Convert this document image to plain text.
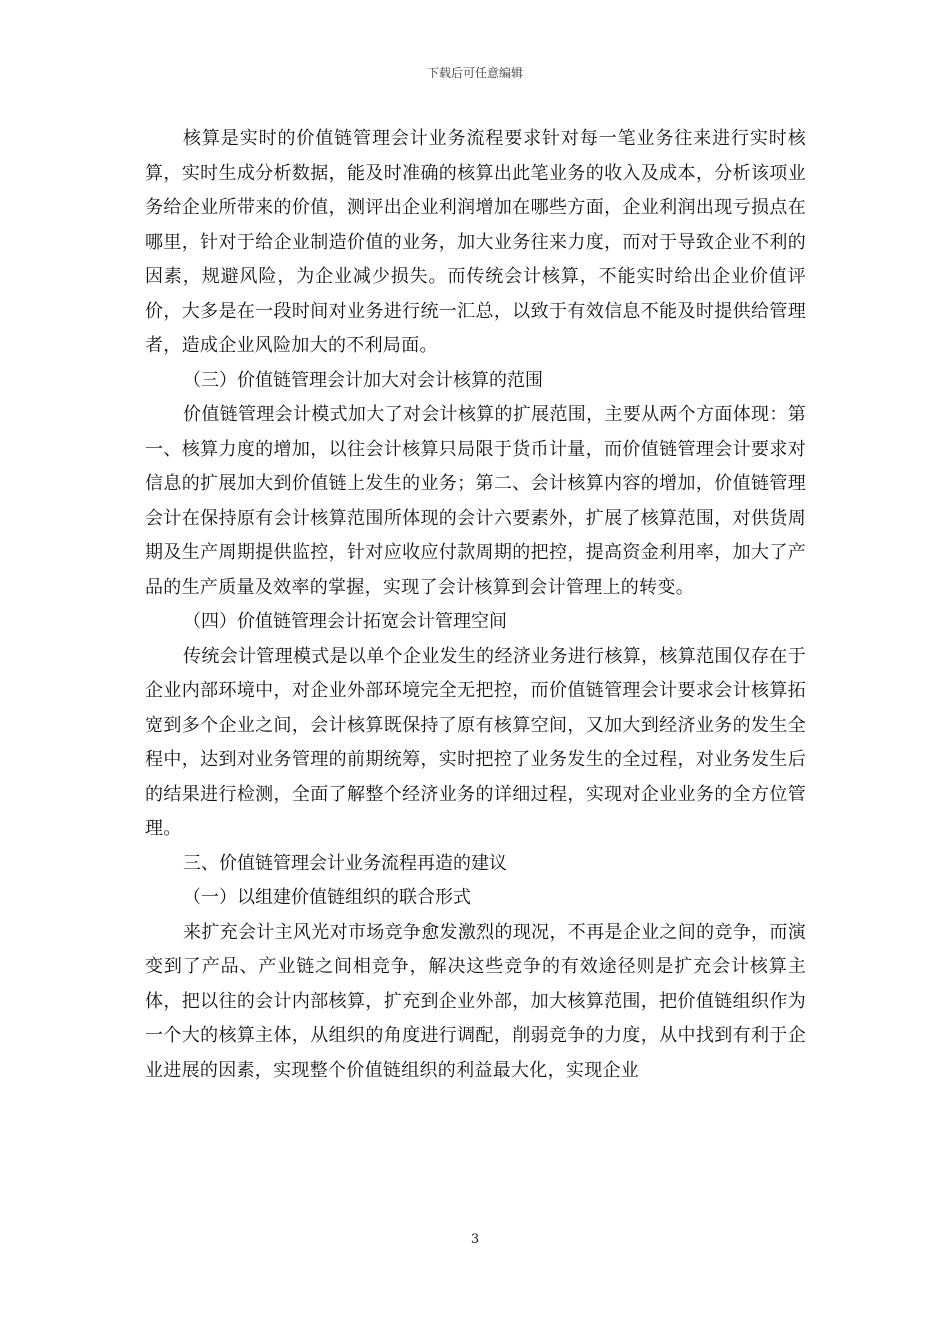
下载后可任意编辑

核算是实时的价值链管理会计业务流程要求针对每一笔业务往来进行实时核算，实时生成分析数据，能及时准确的核算出此笔业务的收入及成本，分析该项业务给企业所带来的价值，测评出企业利润增加在哪些方面，企业利润出现亏损点在哪里，针对于给企业制造价值的业务，加大业务往来力度，而对于导致企业不利的因素，规避风险，为企业减少损失。而传统会计核算，不能实时给出企业价值评价，大多是在一段时间对业务进行统一汇总，以致于有效信息不能及时提供给管理者，造成企业风险加大的不利局面。

（三）价值链管理会计加大对会计核算的范围

价值链管理会计模式加大了对会计核算的扩展范围，主要从两个方面体现：第一、核算力度的增加，以往会计核算只局限于货币计量，而价值链管理会计要求对信息的扩展加大到价值链上发生的业务；第二、会计核算内容的增加，价值链管理会计在保持原有会计核算范围所体现的会计六要素外，扩展了核算范围，对供货周期及生产周期提供监控，针对应收应付款周期的把控，提高资金利用率，加大了产品的生产质量及效率的掌握，实现了会计核算到会计管理上的转变。

（四）价值链管理会计拓宽会计管理空间

传统会计管理模式是以单个企业发生的经济业务进行核算，核算范围仅存在于企业内部环境中，对企业外部环境完全无把控，而价值链管理会计要求会计核算拓宽到多个企业之间，会计核算既保持了原有核算空间，又加大到经济业务的发生全程中，达到对业务管理的前期统筹，实时把控了业务发生的全过程，对业务发生后的结果进行检测，全面了解整个经济业务的详细过程，实现对企业业务的全方位管理。

三、价值链管理会计业务流程再造的建议

（一）以组建价值链组织的联合形式

来扩充会计主风光对市场竞争愈发激烈的现况，不再是企业之间的竞争，而演变到了产品、产业链之间相竞争，解决这些竞争的有效途径则是扩充会计核算主体，把以往的会计内部核算，扩充到企业外部，加大核算范围，把价值链组织作为一个大的核算主体，从组织的角度进行调配，削弱竞争的力度，从中找到有利于企业进展的因素，实现整个价值链组织的利益最大化，实现企业

3
